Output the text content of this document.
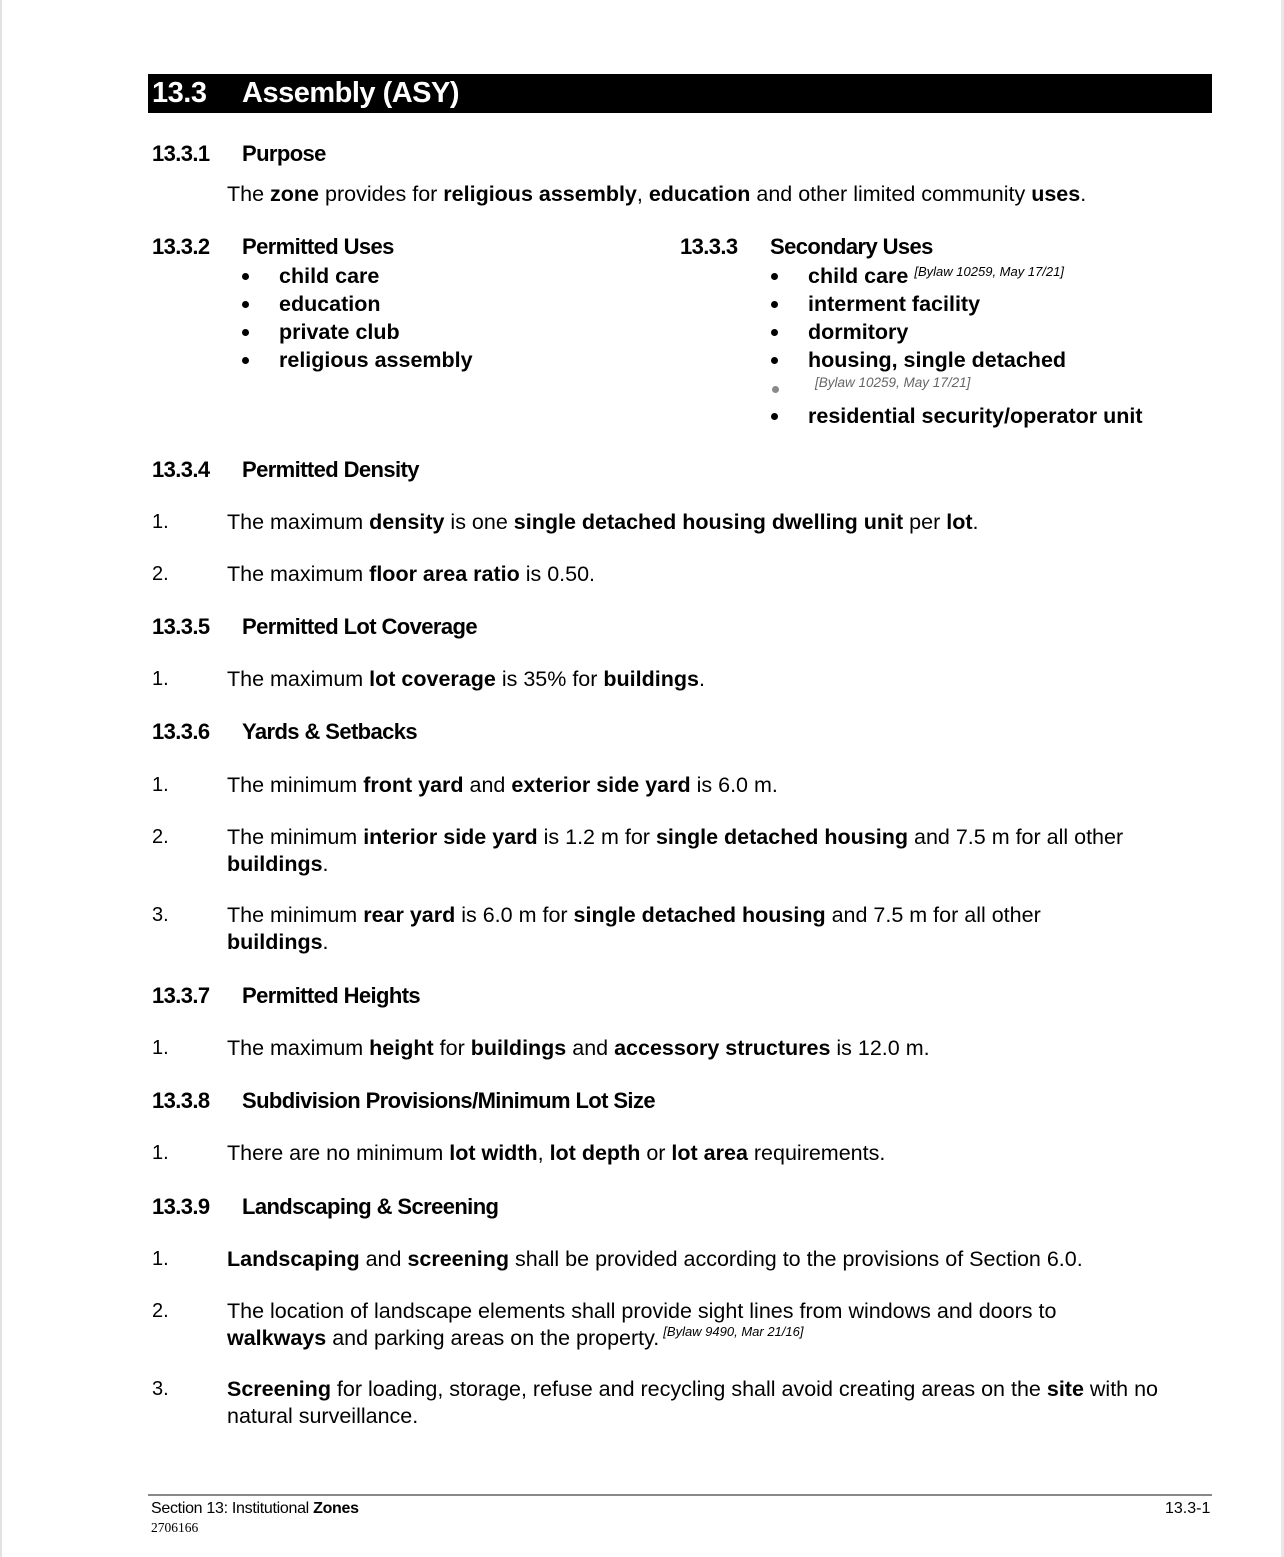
13.3 Assembly (ASY)
13.3.1 Purpose
The zone provides for religious assembly, education and other limited community uses.
13.3.2 Permitted Uses
child care
education
private club
religious assembly
13.3.3 Secondary Uses
child care [Bylaw 10259, May 17/21]
interment facility
dormitory
housing, single detached
[Bylaw 10259, May 17/21]
residential security/operator unit
13.3.4 Permitted Density
1.	The maximum density is one single detached housing dwelling unit per lot.
2.	The maximum floor area ratio is 0.50.
13.3.5 Permitted Lot Coverage
1.	The maximum lot coverage is 35% for buildings.
13.3.6 Yards & Setbacks
1.	The minimum front yard and exterior side yard is 6.0 m.
2.	The minimum interior side yard is 1.2 m for single detached housing and 7.5 m for all other
buildings.
3.	The minimum rear yard is 6.0 m for single detached housing and 7.5 m for all other
buildings.
13.3.7 Permitted Heights
1.	The maximum height for buildings and accessory structures is 12.0 m.
13.3.8 Subdivision Provisions/Minimum Lot Size
1.	There are no minimum lot width, lot depth or lot area requirements.
13.3.9 Landscaping & Screening
1.	Landscaping and screening shall be provided according to the provisions of Section 6.0.
2.	The location of landscape elements shall provide sight lines from windows and doors to walkways and parking areas on the property. [Bylaw 9490, Mar 21/16]
3.	Screening for loading, storage, refuse and recycling shall avoid creating areas on the site with no natural surveillance.
Section 13: Institutional Zones	13.3-1
2706166
